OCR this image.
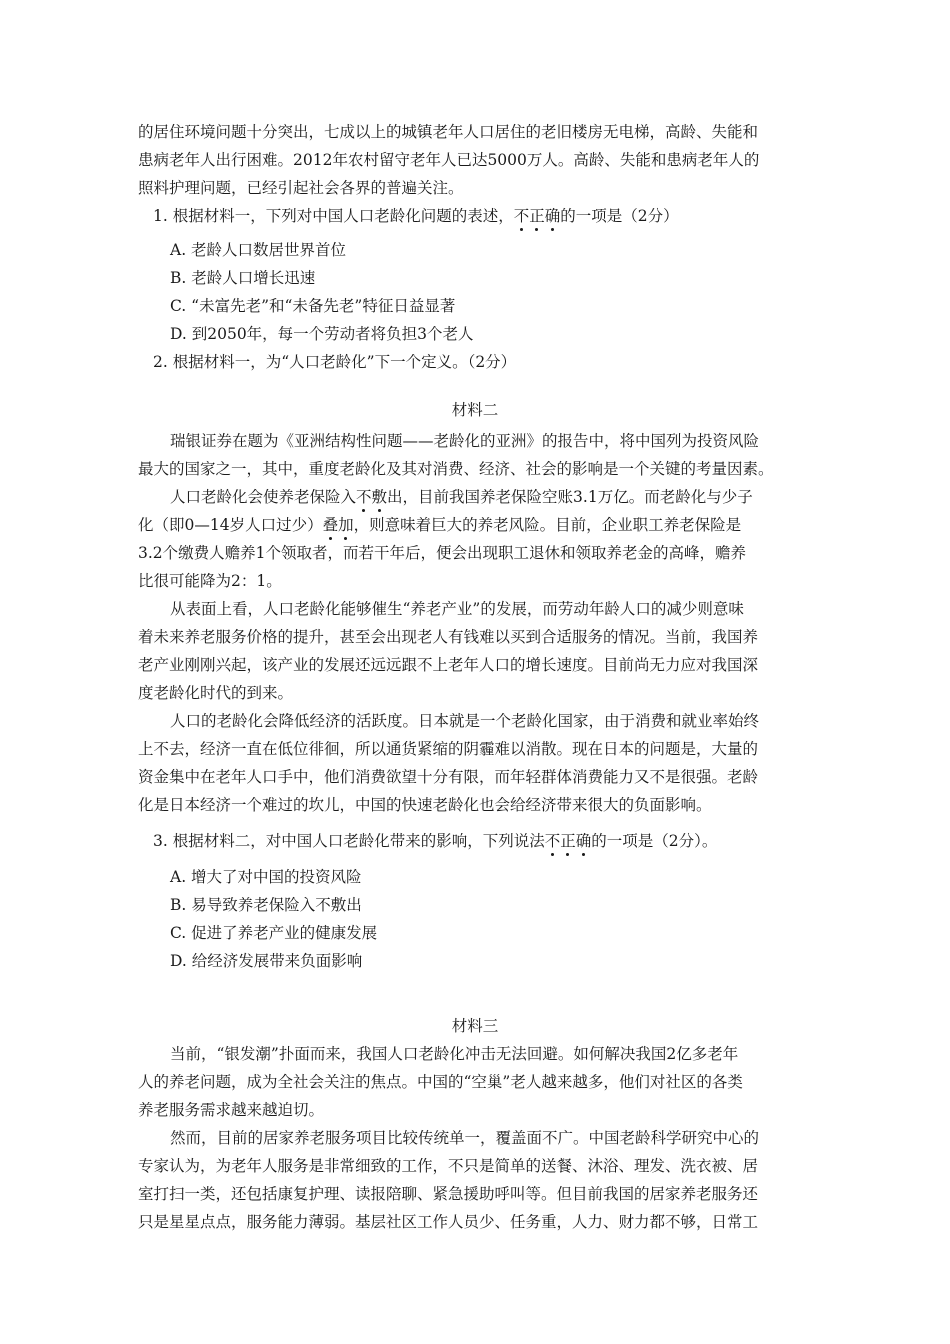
的居住环境问题十分突出，七成以上的城镇老年人口居住的老旧楼房无电梯，高龄、失能和
患病老年人出行困难。2012年农村留守老年人已达5000万人。高龄、失能和患病老年人的
照料护理问题，已经引起社会各界的普遍关注。
1. 根据材料一，下列对中国人口老龄化问题的表述，不正确的一项是（2分）
A. 老龄人口数居世界首位
B. 老龄人口增长迅速
C. “未富先老”和“未备先老”特征日益显著
D. 到2050年，每一个劳动者将负担3个老人
2. 根据材料一，为“人口老龄化”下一个定义。（2分）
材料二
瑞银证券在题为《亚洲结构性问题——老龄化的亚洲》的报告中，将中国列为投资风险
最大的国家之一，其中，重度老龄化及其对消费、经济、社会的影响是一个关键的考量因素。
人口老龄化会使养老保险入不敷出，目前我国养老保险空账3.1万亿。而老龄化与少子
化（即0—14岁人口过少）叠加，则意味着巨大的养老风险。目前，企业职工养老保险是
3.2个缴费人赡养1个领取者，而若干年后，便会出现职工退休和领取养老金的高峰，赡养
比很可能降为2：1。
从表面上看，人口老龄化能够催生“养老产业”的发展，而劳动年龄人口的减少则意味
着未来养老服务价格的提升，甚至会出现老人有钱难以买到合适服务的情况。当前，我国养
老产业刚刚兴起，该产业的发展还远远跟不上老年人口的增长速度。目前尚无力应对我国深
度老龄化时代的到来。
人口的老龄化会降低经济的活跃度。日本就是一个老龄化国家，由于消费和就业率始终
上不去，经济一直在低位徘徊，所以通货紧缩的阴霾难以消散。现在日本的问题是，大量的
资金集中在老年人口手中，他们消费欲望十分有限，而年轻群体消费能力又不是很强。老龄
化是日本经济一个难过的坎儿，中国的快速老龄化也会给经济带来很大的负面影响。
3. 根据材料二，对中国人口老龄化带来的影响，下列说法不正确的一项是（2分）。
A. 增大了对中国的投资风险
B. 易导致养老保险入不敷出
C. 促进了养老产业的健康发展
D. 给经济发展带来负面影响
材料三
当前，“银发潮”扑面而来，我国人口老龄化冲击无法回避。如何解决我国2亿多老年
人的养老问题，成为全社会关注的焦点。中国的“空巢”老人越来越多，他们对社区的各类
养老服务需求越来越迫切。
然而，目前的居家养老服务项目比较传统单一，覆盖面不广。中国老龄科学研究中心的
专家认为，为老年人服务是非常细致的工作，不只是简单的送餐、沐浴、理发、洗衣被、居
室打扫一类，还包括康复护理、读报陪聊、紧急援助呼叫等。但目前我国的居家养老服务还
只是星星点点，服务能力薄弱。基层社区工作人员少、任务重，人力、财力都不够，日常工
